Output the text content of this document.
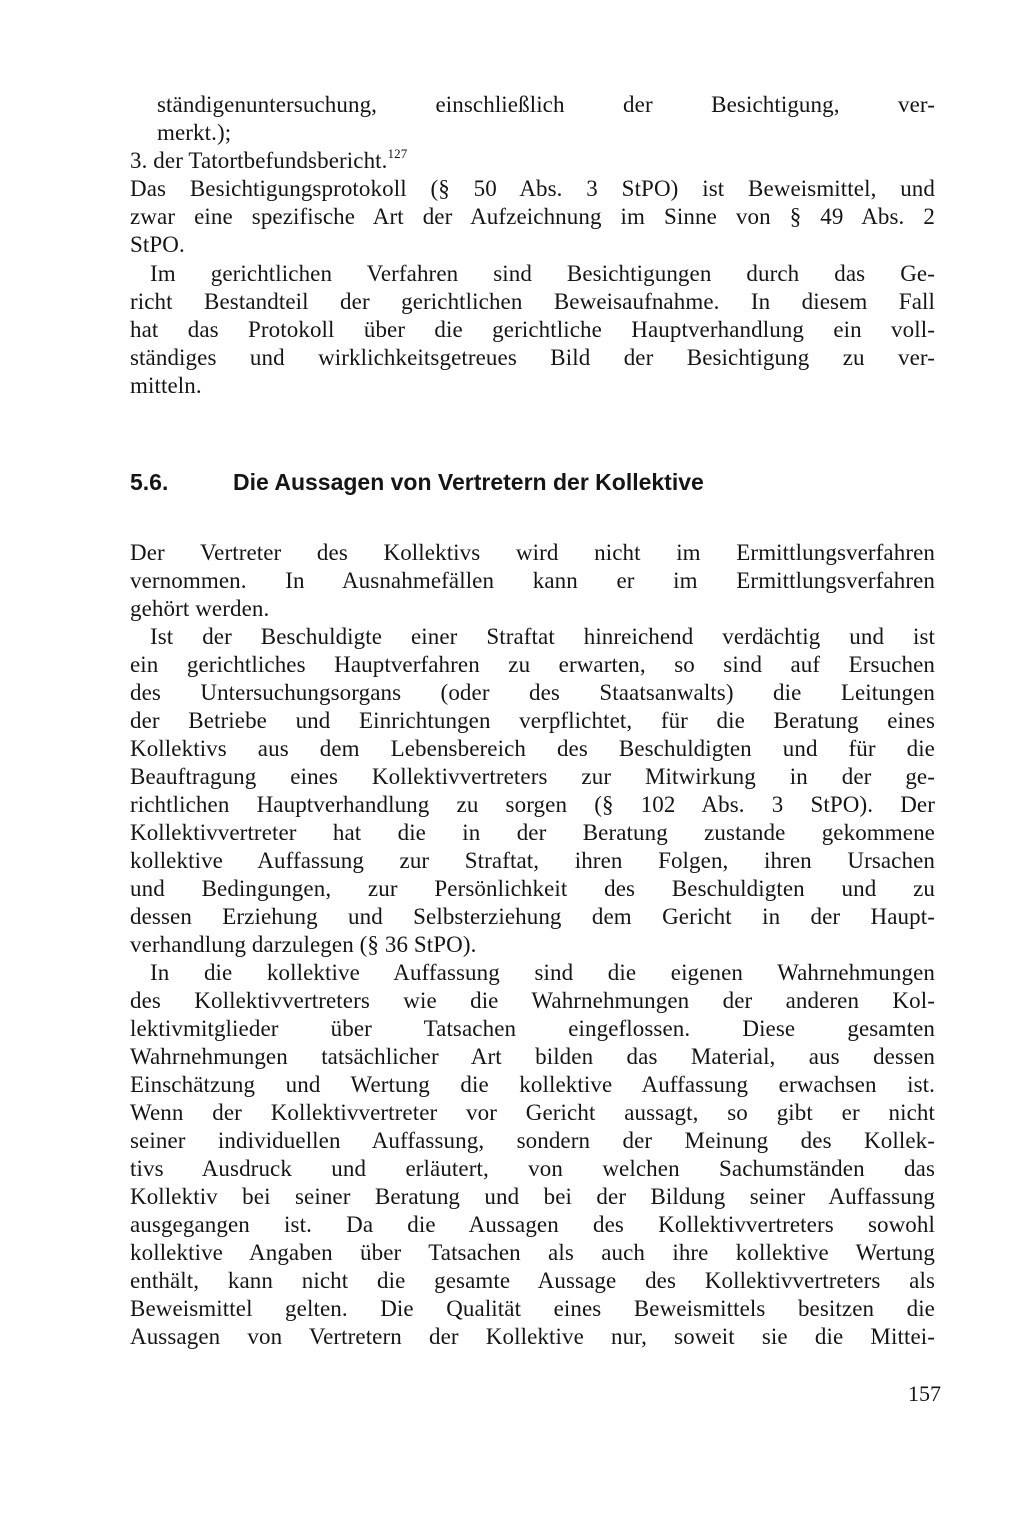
ständigenuntersuchung, einschließlich der Besichtigung, ver-
merkt.);
3. der Tatortbefundsbericht.$^{127}$
Das Besichtigungsprotokoll (§ 50 Abs. 3 StPO) ist Beweismittel, und
zwar eine spezifische Art der Aufzeichnung im Sinne von § 49 Abs. 2
StPO.
Im gerichtlichen Verfahren sind Besichtigungen durch das Ge-
richt Bestandteil der gerichtlichen Beweisaufnahme. In diesem Fall
hat das Protokoll über die gerichtliche Hauptverhandlung ein voll-
ständiges und wirklichkeitsgetreues Bild der Besichtigung zu ver-
mitteln.
5.6.	Die Aussagen von Vertretern der Kollektive
Der Vertreter des Kollektivs wird nicht im Ermittlungsverfahren
vernommen. In Ausnahmefällen kann er im Ermittlungsverfahren
gehört werden.
Ist der Beschuldigte einer Straftat hinreichend verdächtig und ist
ein gerichtliches Hauptverfahren zu erwarten, so sind auf Ersuchen
des Untersuchungsorgans (oder des Staatsanwalts) die Leitungen
der Betriebe und Einrichtungen verpflichtet, für die Beratung eines
Kollektivs aus dem Lebensbereich des Beschuldigten und für die
Beauftragung eines Kollektivvertreters zur Mitwirkung in der ge-
richtlichen Hauptverhandlung zu sorgen (§ 102 Abs. 3 StPO). Der
Kollektivvertreter hat die in der Beratung zustande gekommene
kollektive Auffassung zur Straftat, ihren Folgen, ihren Ursachen
und Bedingungen, zur Persönlichkeit des Beschuldigten und zu
dessen Erziehung und Selbsterziehung dem Gericht in der Haupt-
verhandlung darzulegen (§ 36 StPO).
In die kollektive Auffassung sind die eigenen Wahrnehmungen
des Kollektivvertreters wie die Wahrnehmungen der anderen Kol-
lektivmitglieder über Tatsachen eingeflossen. Diese gesamten
Wahrnehmungen tatsächlicher Art bilden das Material, aus dessen
Einschätzung und Wertung die kollektive Auffassung erwachsen ist.
Wenn der Kollektivvertreter vor Gericht aussagt, so gibt er nicht
seiner individuellen Auffassung, sondern der Meinung des Kollek-
tivs Ausdruck und erläutert, von welchen Sachumständen das
Kollektiv bei seiner Beratung und bei der Bildung seiner Auffassung
ausgegangen ist. Da die Aussagen des Kollektivvertreters sowohl
kollektive Angaben über Tatsachen als auch ihre kollektive Wertung
enthält, kann nicht die gesamte Aussage des Kollektivvertreters als
Beweismittel gelten. Die Qualität eines Beweismittels besitzen die
Aussagen von Vertretern der Kollektive nur, soweit sie die Mittei-
157
